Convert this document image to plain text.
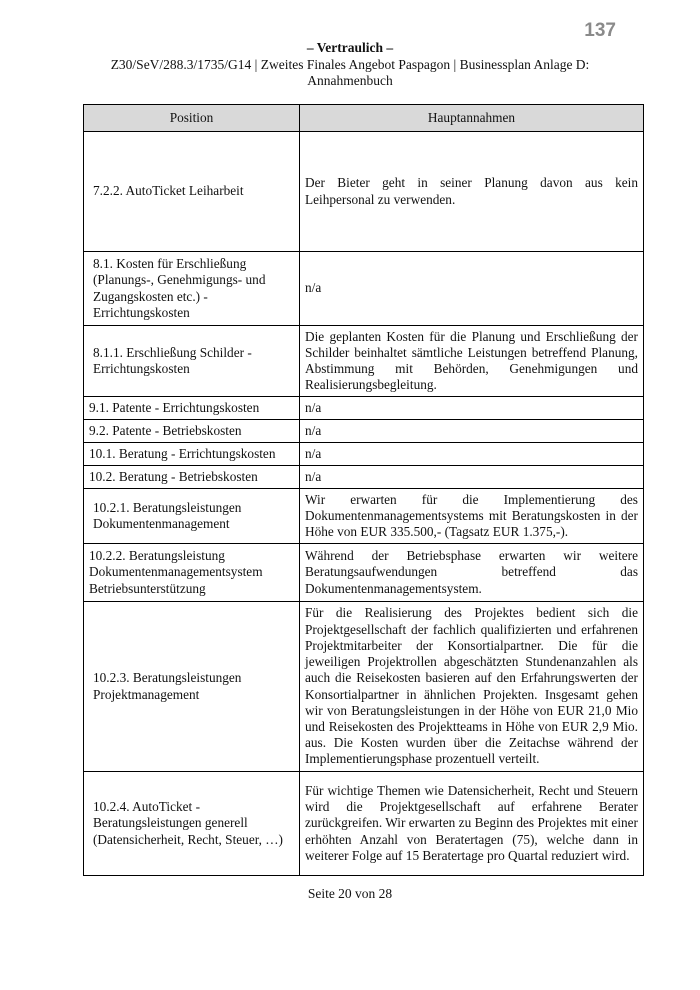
137
– Vertraulich –
Z30/SeV/288.3/1735/G14 | Zweites Finales Angebot Paspagon | Businessplan Anlage D: Annahmenbuch
Position	Hauptannahmen
7.2.2. AutoTicket Leiharbeit	Der Bieter geht in seiner Planung davon aus kein Leihpersonal zu verwenden.
8.1. Kosten für Erschließung (Planungs-, Genehmigungs- und Zugangskosten etc.) - Errichtungskosten	n/a
8.1.1. Erschließung Schilder - Errichtungskosten	Die geplanten Kosten für die Planung und Erschließung der Schilder beinhaltet sämtliche Leistungen betreffend Planung, Abstimmung mit Behörden, Genehmigungen und Realisierungsbegleitung.
9.1. Patente - Errichtungskosten	n/a
9.2. Patente - Betriebskosten	n/a
10.1. Beratung - Errichtungskosten	n/a
10.2. Beratung - Betriebskosten	n/a
10.2.1. Beratungsleistungen Dokumentenmanagement	Wir erwarten für die Implementierung des Dokumentenmanagementsystems mit Beratungskosten in der Höhe von EUR 335.500,- (Tagsatz EUR 1.375,-).
10.2.2. Beratungsleistung Dokumentenmanagementsystem Betriebsunterstützung	Während der Betriebsphase erwarten wir weitere Beratungsaufwendungen betreffend das Dokumentenmanagementsystem.
10.2.3. Beratungsleistungen Projektmanagement	Für die Realisierung des Projektes bedient sich die Projektgesellschaft der fachlich qualifizierten und erfahrenen Projektmitarbeiter der Konsortialpartner. Die für die jeweiligen Projektrollen abgeschätzten Stundenanzahlen als auch die Reisekosten basieren auf den Erfahrungswerten der Konsortialpartner in ähnlichen Projekten. Insgesamt gehen wir von Beratungsleistungen in der Höhe von EUR 21,0 Mio und Reisekosten des Projektteams in Höhe von EUR 2,9 Mio. aus. Die Kosten wurden über die Zeitachse während der Implementierungsphase prozentuell verteilt.
10.2.4. AutoTicket - Beratungsleistungen generell (Datensicherheit, Recht, Steuer, …)	Für wichtige Themen wie Datensicherheit, Recht und Steuern wird die Projektgesellschaft auf erfahrene Berater zurückgreifen. Wir erwarten zu Beginn des Projektes mit einer erhöhten Anzahl von Beratertagen (75), welche dann in weiterer Folge auf 15 Beratertage pro Quartal reduziert wird.
Seite 20 von 28
